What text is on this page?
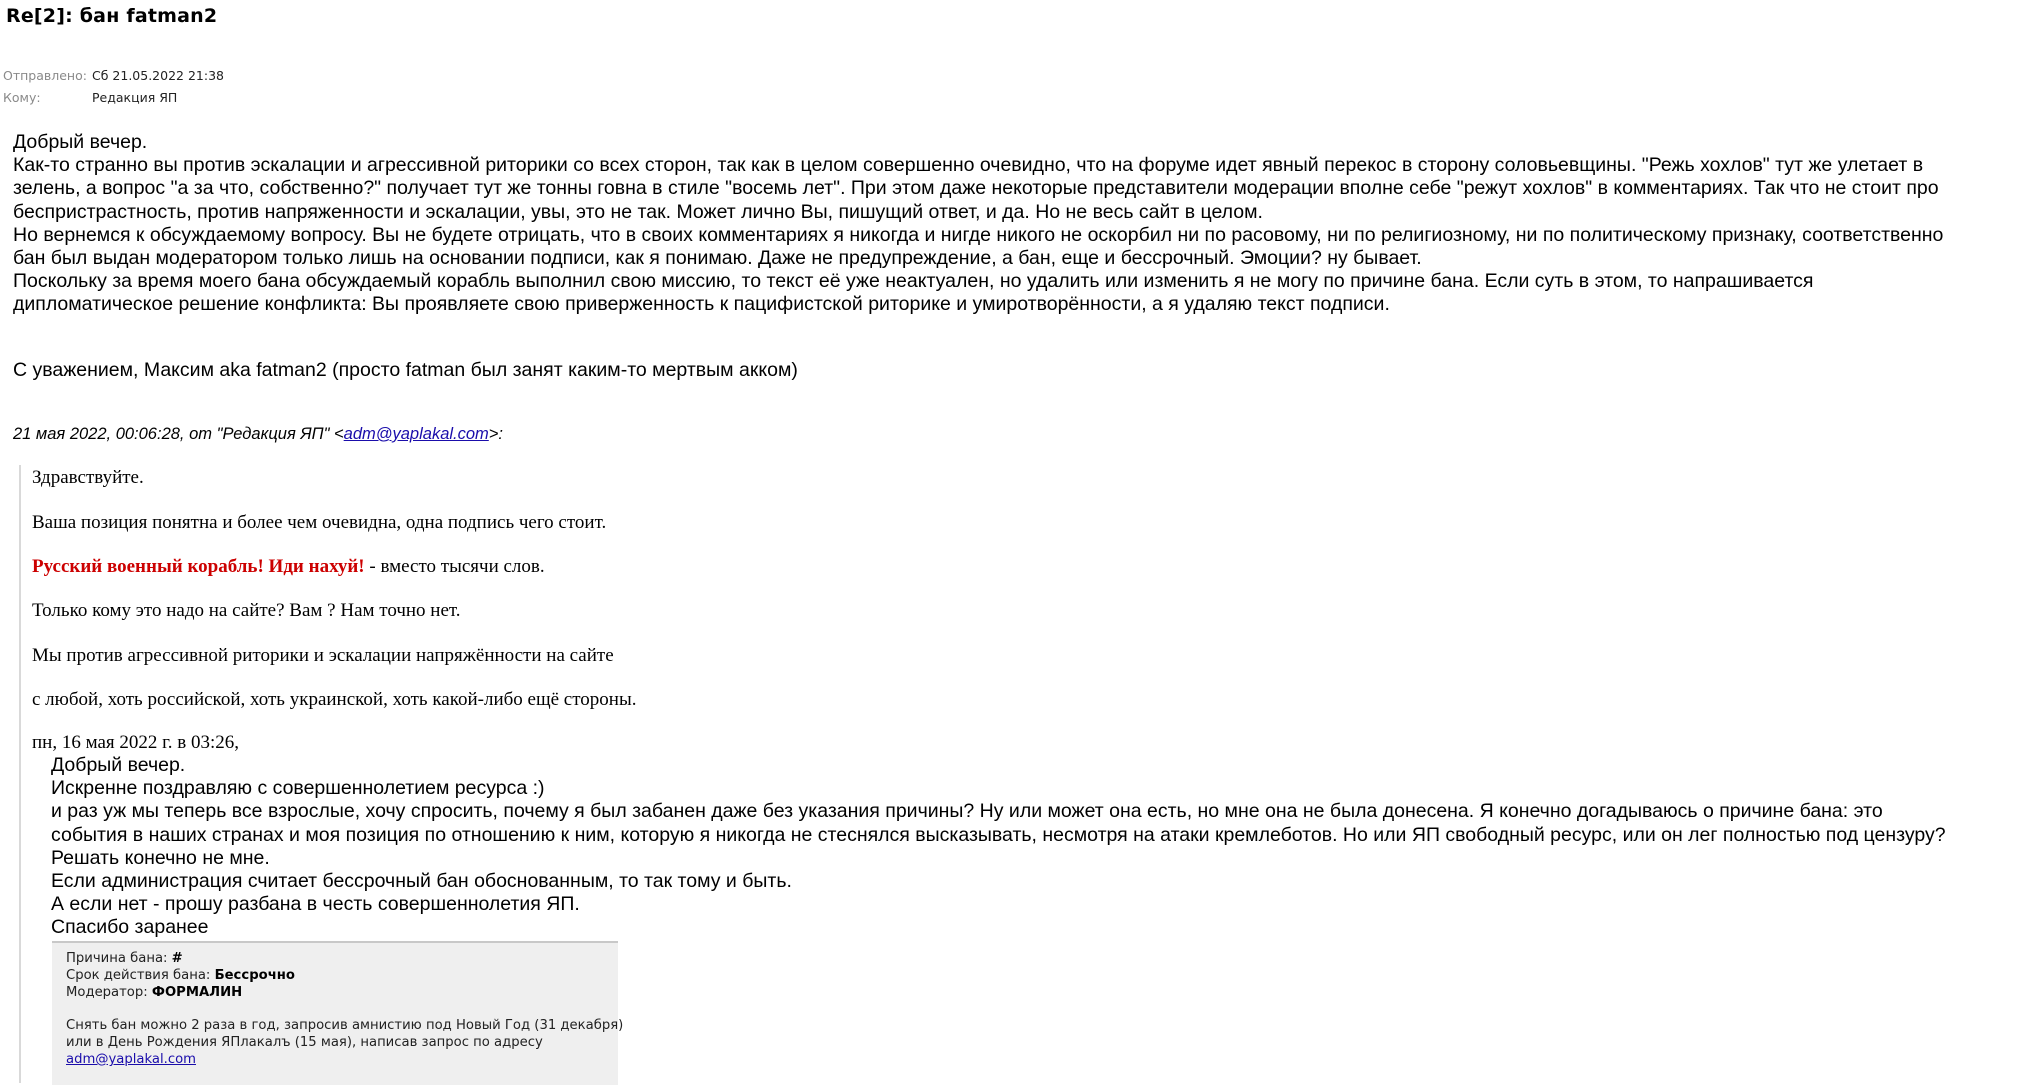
Re[2]: бан fatman2
Отправлено: Сб 21.05.2022 21:38
Кому:	Редакция ЯП

Добрый вечер.

Как-то странно вы против эскалации и агрессивной риторики со всех сторон, так как в целом совершенно очевидно, что на форуме идет явный перекос в сторону соловьевщины. "Режь хохлов" тут же улетает в

зелень, а вопрос "а за что, собственно?" получает тут же тонны говна в стиле "восемь лет". При этом даже некоторые представители модерации вполне себе "режут хохлов" в комментариях. Так что не стоит про

беспристрастность, против напряженности и эскалации, увы, это не так. Может лично Вы, пишущий ответ, и да. Но не весь сайт в целом.

Но вернемся к обсуждаемому вопросу. Вы не будете отрицать, что в своих комментариях я никогда и нигде никого не оскорбил ни по расовому, ни по религиозному, ни по политическому признаку, соответственно

бан был выдан модератором только лишь на основании подписи, как я понимаю. Даже не предупреждение, а бан, еще и бессрочный. Эмоции? ну бывает.

Поскольку за время моего бана обсуждаемый корабль выполнил свою миссию, то текст её уже неактуален, но удалить или изменить я не могу по причине бана. Если суть в этом, то напрашивается

дипломатическое решение конфликта: Вы проявляете свою приверженность к пацифистской риторике и умиротворённости, а я удаляю текст подписи.

С уважением, Максим aka fatman2 (просто fatman был занят каким-то мертвым акком)
21 мая 2022, 00:06:28, от "Редакция ЯП" <adm@yaplakal.com>:
Здравствуйте.
Ваша позиция понятна и более чем очевидна, одна подпись чего стоит.
Русский военный корабль! Иди нахуй! - вместо тысячи слов.
Только кому это надо на сайте? Вам ? Нам точно нет.
Мы против агрессивной риторики и эскалации напряжённости на сайте
с любой, хоть российской, хоть украинской, хоть какой-либо ещё стороны.
пн, 16 мая 2022 г. в 03:26,

Добрый вечер.

Искренне поздравляю с совершеннолетием ресурса :)

и раз уж мы теперь все взрослые, хочу спросить, почему я был забанен даже без указания причины? Ну или может она есть, но мне она не была донесена. Я конечно догадываюсь о причине бана: это

события в наших странах и моя позиция по отношению к ним, которую я никогда не стеснялся высказывать, несмотря на атаки кремлеботов. Но или ЯП свободный ресурс, или он лег полностью под цензуру?

Решать конечно не мне.

Если администрация считает бессрочный бан обоснованным, то так тому и быть.

А если нет - прошу разбана в честь совершеннолетия ЯП.

Спасибо заранее

Причина бана: #
Срок действия бана: Бессрочно
Модератор: ФОРМАЛИН
Снять бан можно 2 раза в год, запросив амнистию под Новый Год (31 декабря)
или в День Рождения ЯПлакалъ (15 мая), написав запрос по адресу
adm@yaplakal.com
